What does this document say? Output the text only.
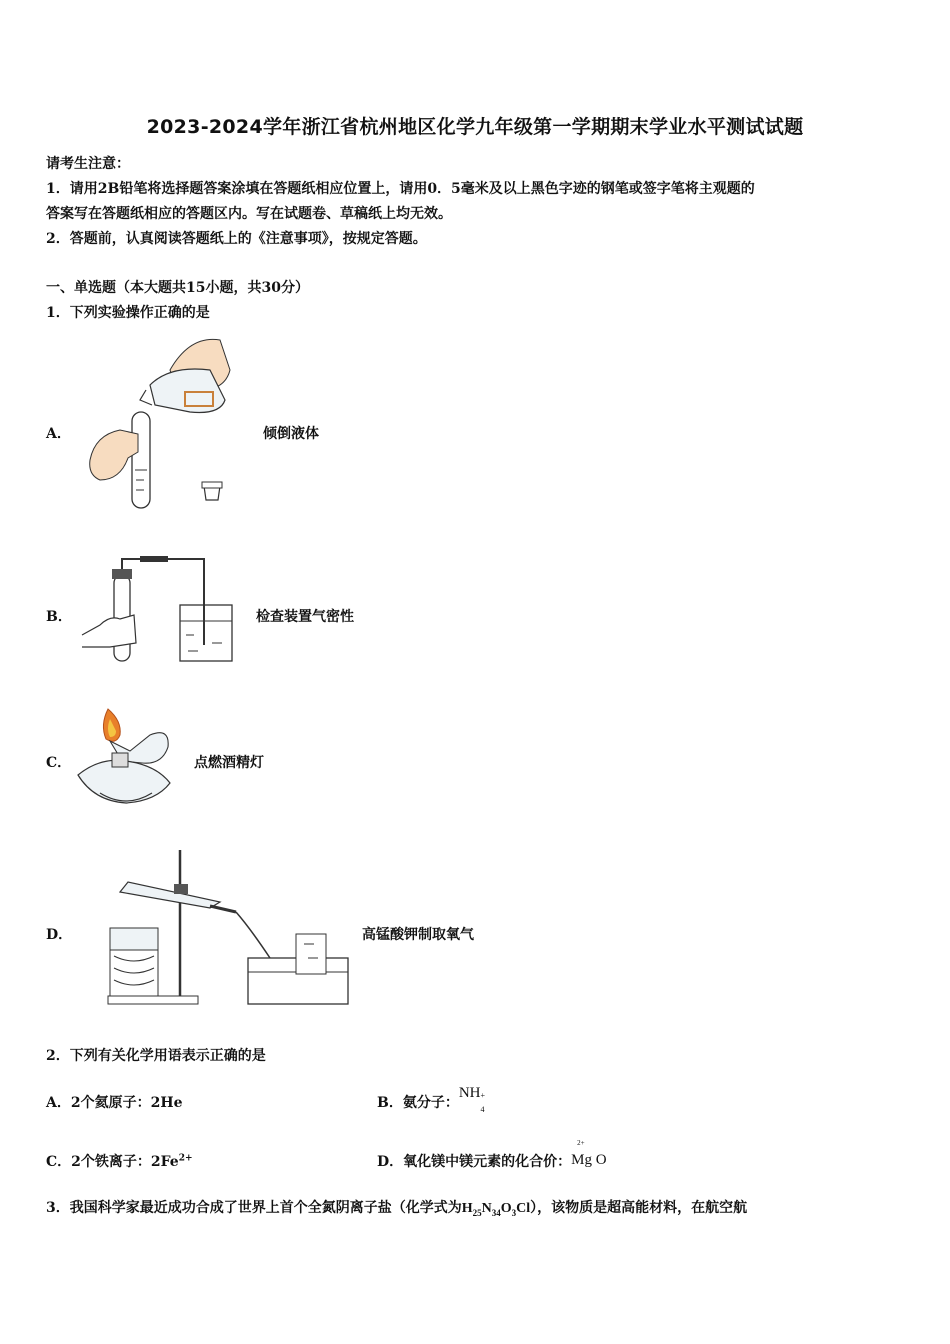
2023-2024学年浙江省杭州地区化学九年级第一学期期末学业水平测试试题
请考生注意：
1．请用2B铅笔将选择题答案涂填在答题纸相应位置上，请用0．5毫米及以上黑色字迹的钢笔或签字笔将主观题的
答案写在答题纸相应的答题区内。写在试题卷、草稿纸上均无效。
2．答题前，认真阅读答题纸上的《注意事项》，按规定答题。
一、单选题（本大题共15小题，共30分）
1．下列实验操作正确的是
A．	倾倒液体
B．	检查装置气密性
C．	点燃酒精灯
D．	高锰酸钾制取氧气
2．下列有关化学用语表示正确的是
A．2个氦原子：2He	B．氨分子：NH +
4
C．2个铁离子：$2Fe^{2+}$	D．氧化镁中镁元素的化合价：
2+
Mg O
3．我国科学家最近成功合成了世界上首个全氮阴离子盐（化学式为$H_{25}N_{34}O_3Cl$），该物质是超高能材料，在航空航
